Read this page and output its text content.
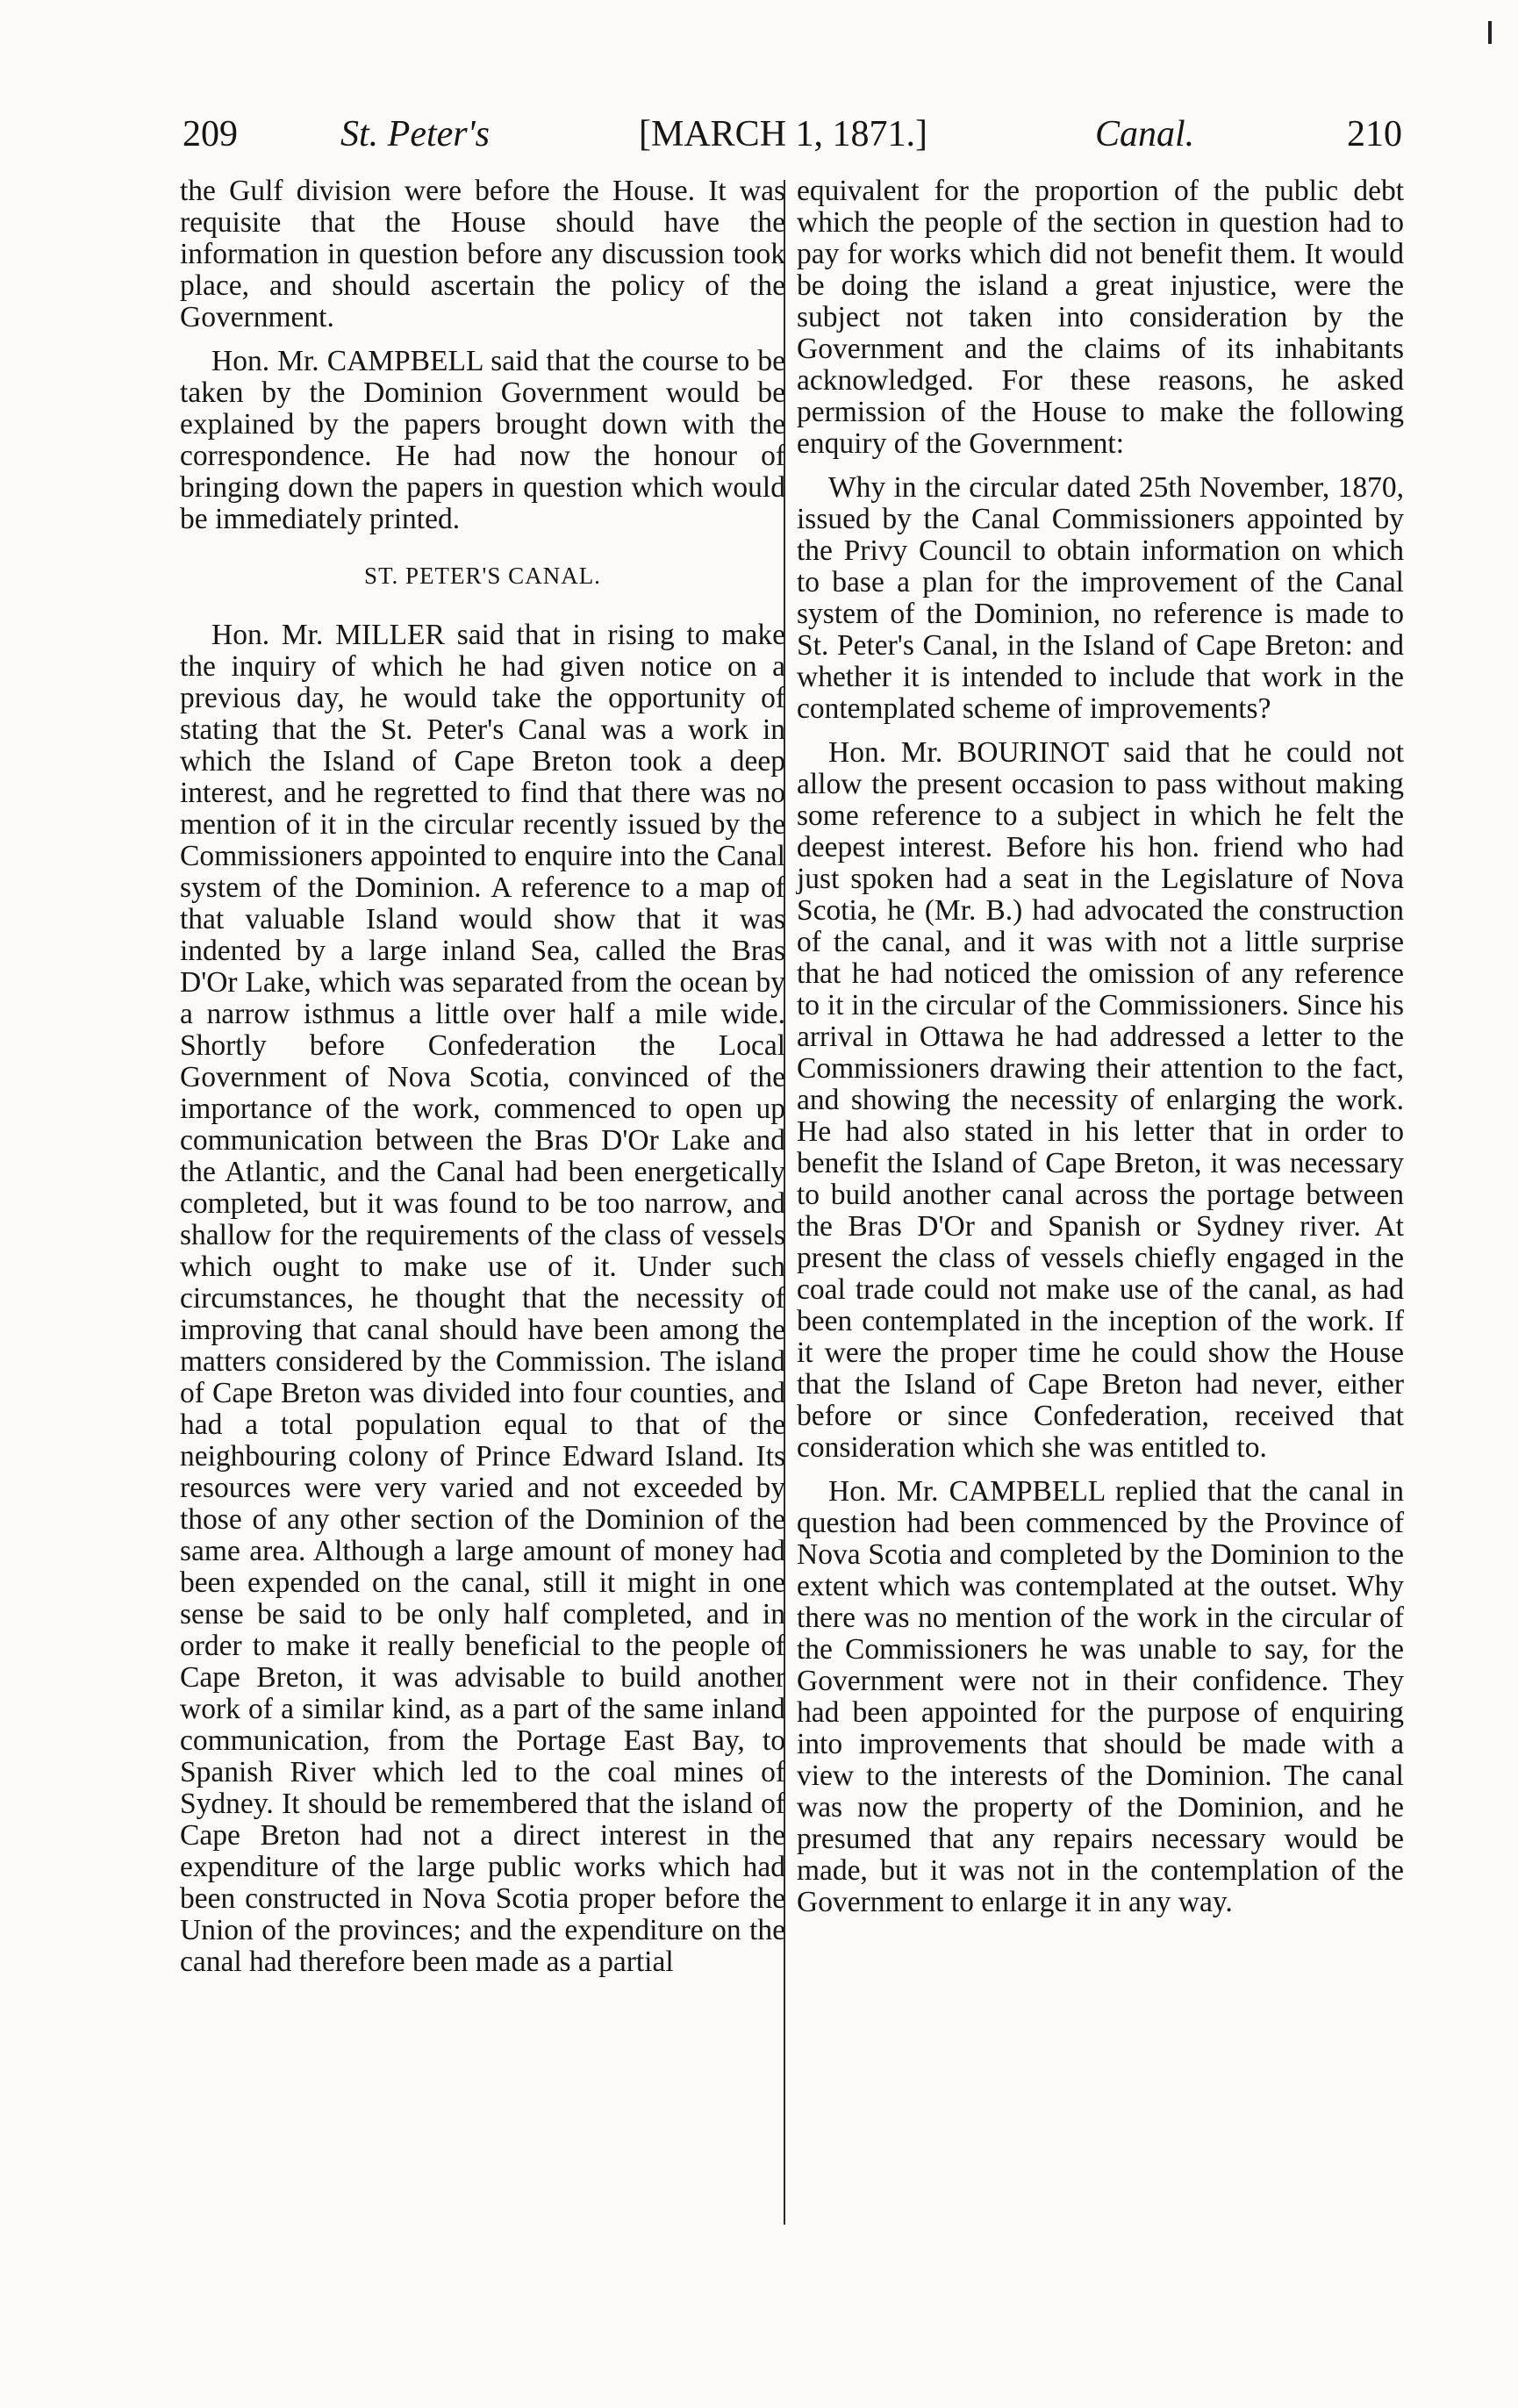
209	St. Peter's	[MARCH 1, 1871.]	Canal.	210

the Gulf division were before the House. It was requisite that the House should have the information in question before any discussion took place, and should ascertain the policy of the Government.

Hon. Mr. CAMPBELL said that the course to be taken by the Dominion Government would be explained by the papers brought down with the correspondence. He had now the honour of bringing down the papers in question which would be immediately printed.

ST. PETER'S CANAL.

Hon. Mr. MILLER said that in rising to make the inquiry of which he had given notice on a previous day, he would take the opportunity of stating that the St. Peter's Canal was a work in which the Island of Cape Breton took a deep interest, and he regretted to find that there was no mention of it in the circular recently issued by the Commissioners appointed to enquire into the Canal system of the Dominion. A reference to a map of that valuable Island would show that it was indented by a large inland Sea, called the Bras D'Or Lake, which was separated from the ocean by a narrow isthmus a little over half a mile wide. Shortly before Confederation the Local Government of Nova Scotia, convinced of the importance of the work, commenced to open up communication between the Bras D'Or Lake and the Atlantic, and the Canal had been energetically completed, but it was found to be too narrow, and shallow for the requirements of the class of vessels which ought to make use of it. Under such circumstances, he thought that the necessity of improving that canal should have been among the matters considered by the Commission. The island of Cape Breton was divided into four counties, and had a total population equal to that of the neighbouring colony of Prince Edward Island. Its resources were very varied and not exceeded by those of any other section of the Dominion of the same area. Although a large amount of money had been expended on the canal, still it might in one sense be said to be only half completed, and in order to make it really beneficial to the people of Cape Breton, it was advisable to build another work of a similar kind, as a part of the same inland communication, from the Portage East Bay, to Spanish River which led to the coal mines of Sydney. It should be remembered that the island of Cape Breton had not a direct interest in the expenditure of the large public works which had been constructed in Nova Scotia proper before the Union of the provinces; and the expenditure on the canal had therefore been made as a partial

equivalent for the proportion of the public debt which the people of the section in question had to pay for works which did not benefit them. It would be doing the island a great injustice, were the subject not taken into consideration by the Government and the claims of its inhabitants acknowledged. For these reasons, he asked permission of the House to make the following enquiry of the Government:

Why in the circular dated 25th November, 1870, issued by the Canal Commissioners appointed by the Privy Council to obtain information on which to base a plan for the improvement of the Canal system of the Dominion, no reference is made to St. Peter's Canal, in the Island of Cape Breton: and whether it is intended to include that work in the contemplated scheme of improvements?

Hon. Mr. BOURINOT said that he could not allow the present occasion to pass without making some reference to a subject in which he felt the deepest interest. Before his hon. friend who had just spoken had a seat in the Legislature of Nova Scotia, he (Mr. B.) had advocated the construction of the canal, and it was with not a little surprise that he had noticed the omission of any reference to it in the circular of the Commissioners. Since his arrival in Ottawa he had addressed a letter to the Commissioners drawing their attention to the fact, and showing the necessity of enlarging the work. He had also stated in his letter that in order to benefit the Island of Cape Breton, it was necessary to build another canal across the portage between the Bras D'Or and Spanish or Sydney river. At present the class of vessels chiefly engaged in the coal trade could not make use of the canal, as had been contemplated in the inception of the work. If it were the proper time he could show the House that the Island of Cape Breton had never, either before or since Confederation, received that consideration which she was entitled to.

Hon. Mr. CAMPBELL replied that the canal in question had been commenced by the Province of Nova Scotia and completed by the Dominion to the extent which was contemplated at the outset. Why there was no mention of the work in the circular of the Commissioners he was unable to say, for the Government were not in their confidence. They had been appointed for the purpose of enquiring into improvements that should be made with a view to the interests of the Dominion. The canal was now the property of the Dominion, and he presumed that any repairs necessary would be made, but it was not in the contemplation of the Government to enlarge it in any way.
